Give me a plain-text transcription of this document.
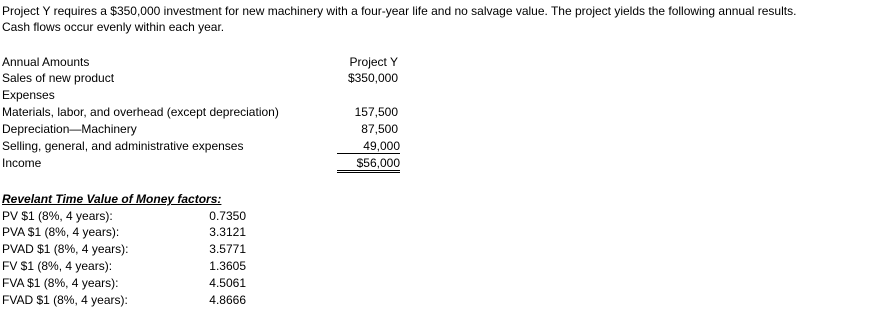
Project Y requires a $350,000 investment for new machinery with a four-year life and no salvage value. The project yields the following annual results.
Cash flows occur evenly within each year.
Annual Amounts	Project Y
Sales of new product	$350,000
Expenses
Materials, labor, and overhead (except depreciation)	157,500
Depreciation—Machinery	87,500
Selling, general, and administrative expenses	49,000
Income	$56,000
Revelant Time Value of Money factors:
PV $1 (8%, 4 years):	0.7350
PVA $1 (8%, 4 years):	3.3121
PVAD $1 (8%, 4 years):	3.5771
FV $1 (8%, 4 years):	1.3605
FVA $1 (8%, 4 years):	4.5061
FVAD $1 (8%, 4 years):	4.8666
